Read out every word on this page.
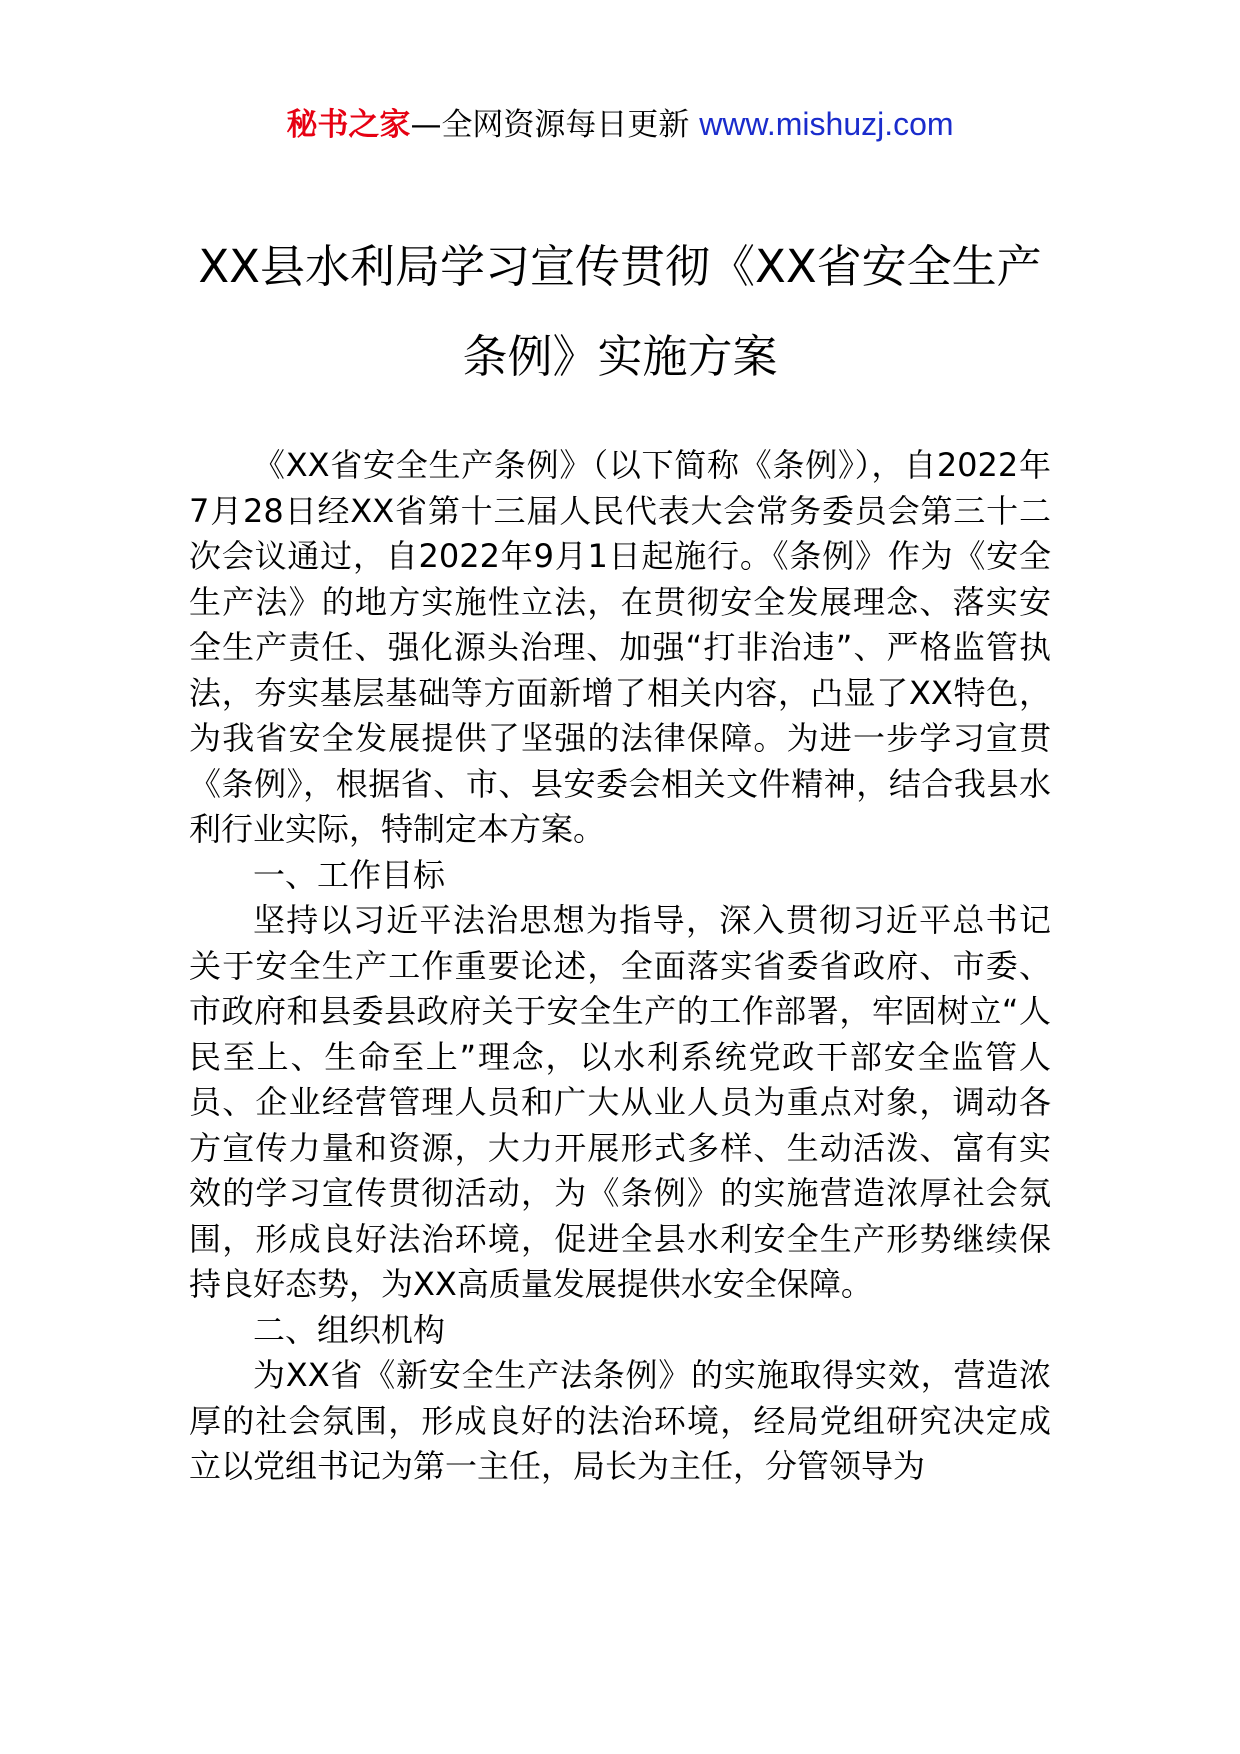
秘书之家—全网资源每日更新 www.mishuzj.com
XX县水利局学习宣传贯彻《XX省安全生产条例》实施方案

《XX省安全生产条例》（以下简称《条例》），自2022年7月28日经XX省第十三届人民代表大会常务委员会第三十二次会议通过，自2022年9月1日起施行。《条例》作为《安全生产法》的地方实施性立法，在贯彻安全发展理念、落实安全生产责任、强化源头治理、加强“打非治违”、严格监管执法，夯实基层基础等方面新增了相关内容，凸显了XX特色，为我省安全发展提供了坚强的法律保障。为进一步学习宣贯《条例》，根据省、市、县安委会相关文件精神，结合我县水利行业实际，特制定本方案。

一、工作目标

坚持以习近平法治思想为指导，深入贯彻习近平总书记关于安全生产工作重要论述，全面落实省委省政府、市委、市政府和县委县政府关于安全生产的工作部署，牢固树立“人民至上、生命至上”理念，以水利系统党政干部安全监管人员、企业经营管理人员和广大从业人员为重点对象，调动各方宣传力量和资源，大力开展形式多样、生动活泼、富有实效的学习宣传贯彻活动，为《条例》的实施营造浓厚社会氛围，形成良好法治环境，促进全县水利安全生产形势继续保持良好态势，为XX高质量发展提供水安全保障。

二、组织机构

为XX省《新安全生产法条例》的实施取得实效，营造浓厚的社会氛围，形成良好的法治环境，经局党组研究决定成立以党组书记为第一主任，局长为主任，分管领导为
